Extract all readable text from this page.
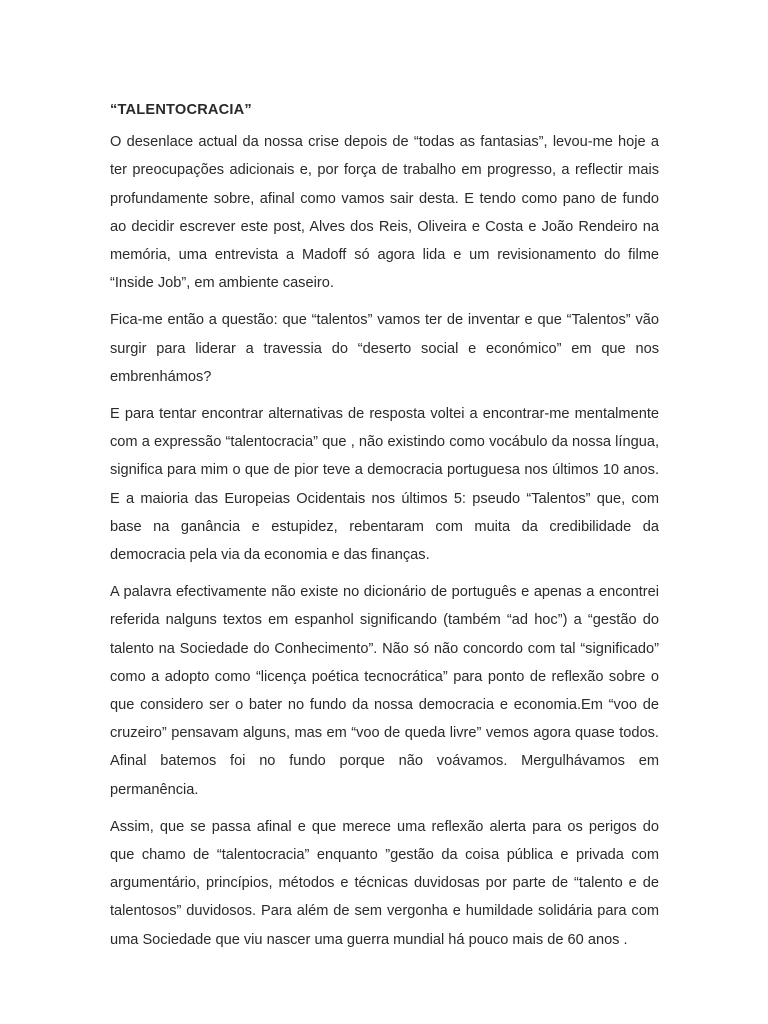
“TALENTOCRACIA”

O desenlace actual da nossa crise depois de “todas as fantasias”, levou-me hoje a ter preocupações adicionais e, por força de trabalho em progresso, a reflectir mais profundamente sobre, afinal como vamos sair desta. E tendo como pano de fundo ao decidir escrever este post, Alves dos Reis, Oliveira e Costa e João Rendeiro na memória, uma entrevista a Madoff só agora lida e um revisionamento do filme “Inside Job”, em ambiente caseiro.

Fica-me então a questão: que “talentos” vamos ter de inventar e que “Talentos” vão surgir para liderar a travessia do “deserto social e económico” em que nos embrenhámos?

E para tentar encontrar alternativas de resposta voltei a encontrar-me mentalmente com a expressão “talentocracia” que , não existindo como vocábulo da nossa língua, significa para mim o que de pior teve a democracia portuguesa nos últimos 10 anos. E a maioria das Europeias Ocidentais nos últimos 5: pseudo “Talentos” que, com base na ganância e estupidez, rebentaram com muita da credibilidade da democracia pela via da economia e das finanças.

A palavra efectivamente não existe no dicionário de português e apenas a encontrei referida nalguns textos em espanhol significando (também “ad hoc”) a “gestão do talento na Sociedade do Conhecimento”. Não só não concordo com tal “significado” como a adopto como “licença poética tecnocrática” para ponto de reflexão sobre o que considero ser o bater no fundo da nossa democracia e economia.Em “voo de cruzeiro” pensavam alguns, mas em “voo de queda livre” vemos agora quase todos. Afinal batemos foi no fundo porque não voávamos. Mergulhávamos em permanência.

Assim, que se passa afinal e que merece uma reflexão alerta para os perigos do que chamo de “talentocracia” enquanto ”gestão da coisa pública e privada com argumentário, princípios, métodos e técnicas duvidosas por parte de “talento e de talentosos” duvidosos. Para além de sem vergonha e humildade solidária para com uma Sociedade que viu nascer uma guerra mundial há pouco mais de 60 anos .
